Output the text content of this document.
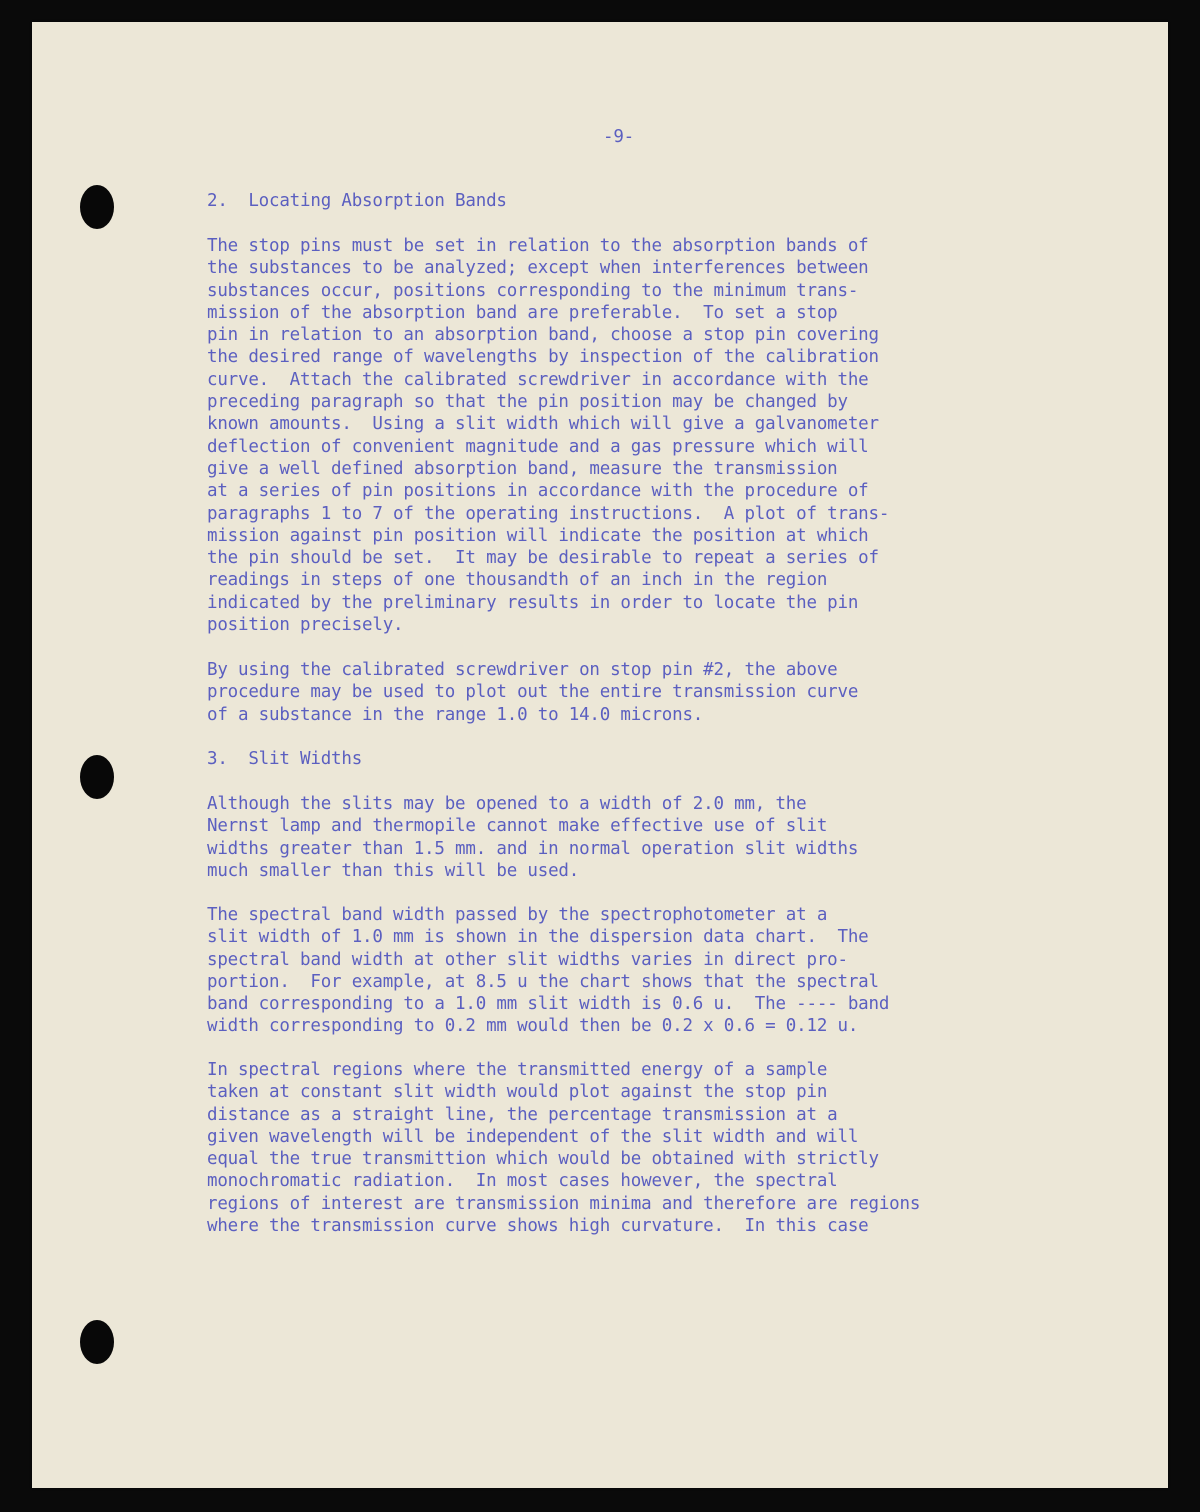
-9-

2.  Locating Absorption Bands

The stop pins must be set in relation to the absorption bands of
the substances to be analyzed; except when interferences between
substances occur, positions corresponding to the minimum trans-
mission of the absorption band are preferable.  To set a stop
pin in relation to an absorption band, choose a stop pin covering
the desired range of wavelengths by inspection of the calibration
curve.  Attach the calibrated screwdriver in accordance with the
preceding paragraph so that the pin position may be changed by
known amounts.  Using a slit width which will give a galvanometer
deflection of convenient magnitude and a gas pressure which will
give a well defined absorption band, measure the transmission
at a series of pin positions in accordance with the procedure of
paragraphs 1 to 7 of the operating instructions.  A plot of trans-
mission against pin position will indicate the position at which
the pin should be set.  It may be desirable to repeat a series of
readings in steps of one thousandth of an inch in the region
indicated by the preliminary results in order to locate the pin
position precisely.

By using the calibrated screwdriver on stop pin #2, the above
procedure may be used to plot out the entire transmission curve
of a substance in the range 1.0 to 14.0 microns.

3.  Slit Widths

Although the slits may be opened to a width of 2.0 mm, the
Nernst lamp and thermopile cannot make effective use of slit
widths greater than 1.5 mm. and in normal operation slit widths
much smaller than this will be used.

The spectral band width passed by the spectrophotometer at a
slit width of 1.0 mm is shown in the dispersion data chart.  The
spectral band width at other slit widths varies in direct pro-
portion.  For example, at 8.5 u the chart shows that the spectral
band corresponding to a 1.0 mm slit width is 0.6 u.  The ---- band
width corresponding to 0.2 mm would then be 0.2 x 0.6 = 0.12 u.

In spectral regions where the transmitted energy of a sample
taken at constant slit width would plot against the stop pin
distance as a straight line, the percentage transmission at a
given wavelength will be independent of the slit width and will
equal the true transmittion which would be obtained with strictly
monochromatic radiation.  In most cases however, the spectral
regions of interest are transmission minima and therefore are regions
where the transmission curve shows high curvature.  In this case
